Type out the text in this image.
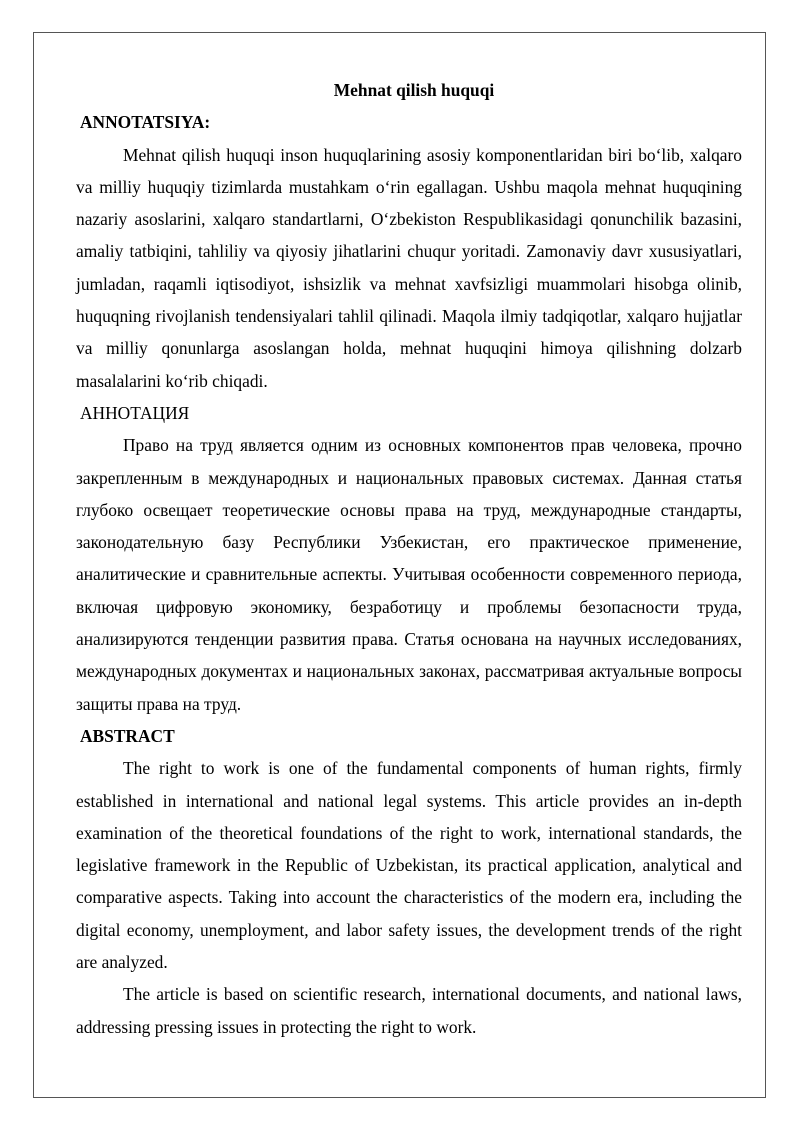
Mehnat qilish huquqi

ANNOTATSIYA:

Mehnat qilish huquqi inson huquqlarining asosiy komponentlaridan biri bo‘lib, xalqaro va milliy huquqiy tizimlarda mustahkam o‘rin egallagan. Ushbu maqola mehnat huquqining nazariy asoslarini, xalqaro standartlarni, O‘zbekiston Respublikasidagi qonunchilik bazasini, amaliy tatbiqini, tahliliy va qiyosiy jihatlarini chuqur yoritadi. Zamonaviy davr xususiyatlari, jumladan, raqamli iqtisodiyot, ishsizlik va mehnat xavfsizligi muammolari hisobga olinib, huquqning rivojlanish tendensiyalari tahlil qilinadi. Maqola ilmiy tadqiqotlar, xalqaro hujjatlar va milliy qonunlarga asoslangan holda, mehnat huquqini himoya qilishning dolzarb masalalarini ko‘rib chiqadi.

АННОТАЦИЯ

Право на труд является одним из основных компонентов прав человека, прочно закрепленным в международных и национальных правовых системах. Данная статья глубоко освещает теоретические основы права на труд, международные стандарты, законодательную базу Республики Узбекистан, его практическое применение, аналитические и сравнительные аспекты. Учитывая особенности современного периода, включая цифровую экономику, безработицу и проблемы безопасности труда, анализируются тенденции развития права. Статья основана на научных исследованиях, международных документах и национальных законах, рассматривая актуальные вопросы защиты права на труд.

ABSTRACT

The right to work is one of the fundamental components of human rights, firmly established in international and national legal systems. This article provides an in-depth examination of the theoretical foundations of the right to work, international standards, the legislative framework in the Republic of Uzbekistan, its practical application, analytical and comparative aspects. Taking into account the characteristics of the modern era, including the digital economy, unemployment, and labor safety issues, the development trends of the right are analyzed.

The article is based on scientific research, international documents, and national laws, addressing pressing issues in protecting the right to work.
